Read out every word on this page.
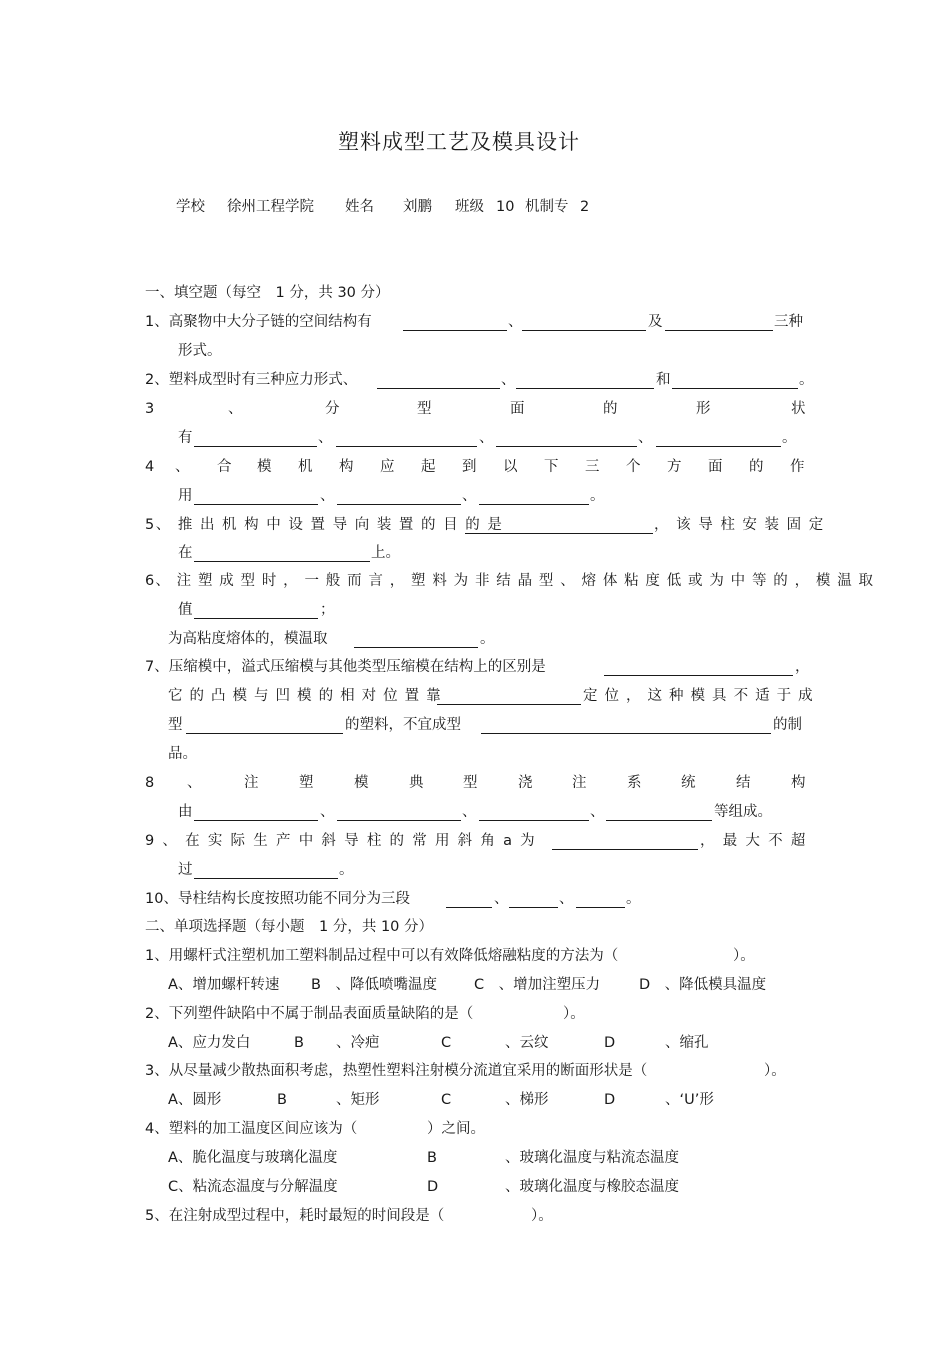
塑料成型工艺及模具设计
学校 徐州工程学院 姓名 刘鹏 班级 10 机制专 2
一、填空题（每空　1 分，共 30 分）
1、高聚物中大分子链的空间结构有	、	及	三种
形式。
2、塑料成型时有三种应力形式、	、	和	。
3	、	分	型	面	的	形	状
有	、	、	、	。
4 、 合 模 机 构 应 起 到 以 下 三 个 方 面 的 作
用	、	、	。
5、 推 出 机 构 中 设 置 导 向 装 置 的 目 的 是	， 该 导 柱 安 装 固 定
在	上。
6、 注 塑 成 型 时 ， 一 般 而 言 ， 塑 料 为 非 结 晶 型 、 熔 体 粘 度 低 或 为 中 等 的 ， 模 温 取
值	；
为高粘度熔体的，模温取	。
7、压缩模中，溢式压缩模与其他类型压缩模在结构上的区别是	，
它 的 凸 模 与 凹 模 的 相 对 位 置 靠	定 位 ， 这 种 模 具 不 适 于 成
型	的塑料，不宜成型	的制
品。
8 、	注	塑	模	典	型	浇	注	系	统	结	构
由	、	、	、	等组成。
9 、 在 实 际 生 产 中 斜 导 柱 的 常 用 斜 角 a 为	， 最 大 不 超
过	。
10、导柱结构长度按照功能不同分为三段	、	、	。
二、单项选择题（每小题　1 分，共 10 分）
1、用螺杆式注塑机加工塑料制品过程中可以有效降低熔融粘度的方法为（	）。
A、增加螺杆转速 B　、降低喷嘴温度	C　、增加注塑压力	D　、降低模具温度
2、下列塑件缺陷中不属于制品表面质量缺陷的是（	）。
A、应力发白	B 、冷疤	C	、云纹	D	、缩孔
3、从尽量减少散热面积考虑，热塑性塑料注射模分流道宜采用的断面形状是（	）。
A、圆形	B	、矩形	C	、梯形	D	、‘U’形
4、塑料的加工温度区间应该为（	）之间。
A、脆化温度与玻璃化温度	B	、玻璃化温度与粘流态温度
C、粘流态温度与分解温度	D	、玻璃化温度与橡胶态温度
5、在注射成型过程中，耗时最短的时间段是（	）。
